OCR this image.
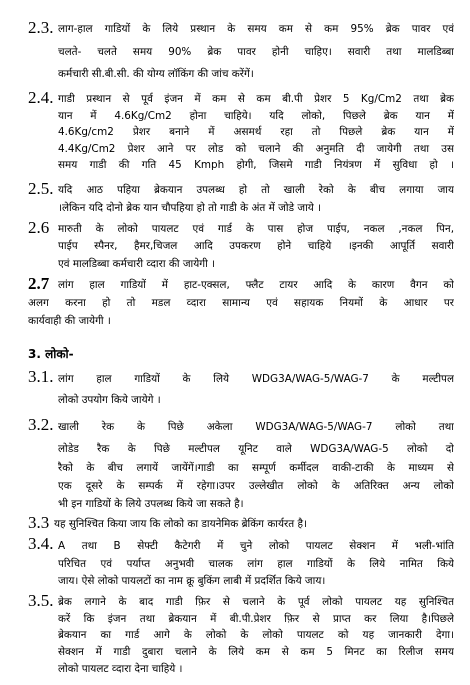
2.3. लाग-हाल गाडियों के लिये प्रस्थान के समय कम से कम 95% ब्रेक पावर एवं
चलते- चलते समय 90% ब्रेक पावर होनी चाहिए। सवारी तथा मालडिब्बा
कर्मचारी सी.बी.सी. की योग्य लॉकिंग की जांच करेंगें।
2.4. गाडी प्रस्थान से पूर्व इंजन में कम से कम बी.पी प्रेशर 5 Kg/Cm2 तथा ब्रेक
यान में 4.6Kg/Cm2 होना चाहिये। यदि लोको, पिछले ब्रेक यान में
4.6Kg/cm2 प्रेशर बनाने में असमर्थ रहा तो पिछले ब्रेक यान में
4.4Kg/Cm2 प्रेशर आने पर लोड को चलाने की अनुमति दी जायेगी तथा उस
समय गाडी की गति 45 Kmph होगी, जिसमे गाडी नियंत्रण में सुविधा हो ।
2.5. यदि आठ पहिया ब्रेकयान उपलब्ध हो तो खाली रेको के बीच लगाया जाय
।लेकिन यदि दोनो ब्रेक यान चौपहिया हो तो गाडी के अंत में जोडे जाये ।
2.6 मारुती के लोको पायलट एवं गार्ड के पास होज पाईप, नकल ,नकल पिन,
पाईप स्पैनर, हैमर,चिजल आदि उपकरण होने चाहिये ।इनकी आपूर्ति सवारी
एवं मालडिब्बा कर्मचारी व्दारा की जायेगी ।
2.7 लांग हाल गाडियों में हाट-एक्सल, फ्लैट टायर आदि के कारण वैगन को
अलग करना हो तो मडल व्दारा सामान्य एवं सहायक नियमों के आधार पर
कार्यवाही की जायेगी ।
3. लोको-
3.1. लांग हाल गाडियों के लिये WDG3A/WAG-5/WAG-7 के मल्टीपल
लोको उपयोग किये जायेगे ।
3.2. खाली रेक के पिछे अकेला WDG3A/WAG-5/WAG-7 लोको तथा
लोडेड रैक के पिछे मल्टीपल यूनिट वाले WDG3A/WAG-5 लोको दो
रैको के बीच लगायें जायेंगें।गाडी का सम्पूर्ण कर्मीदल वाकी-टाकी के माध्यम से
एक दूसरे के सम्पर्क में रहेगा।उपर उल्लेखीत लोको के अतिरिक्त अन्य लोको
भी इन गाडियों के लिये उपलब्ध किये जा सकते है।
3.3 यह सुनिश्चित किया जाय कि लोको का डायनेमिक ब्रेकिंग कार्यरत है।
3.4. A तथा B सेफ्टी कैटेगरी में चुने लोको पायलट सेक्शन में भली-भांति
परिचित एवं पर्याप्त अनुभवी चालक लांग हाल गाडियों के लिये नामित किये
जाय। ऐसे लोको पायलटों का नाम क्रू बुकिंग लाबी में प्रदर्शित किये जाय।
3.5. ब्रेक लगाने के बाद गाडी फ़िर से चलाने के पूर्व लोको पायलट यह सुनिश्चित
करें कि इंजन तथा ब्रेकयान में बी.पी.प्रेशर फ़िर से प्राप्त कर लिया है।पिछले
ब्रेकयान का गार्ड आगे के लोको के लोको पायलट को यह जानकारी देगा।
सेक्शन में गाडी दुबारा चलाने के लिये कम से कम 5 मिनट का रिलीज समय
लोको पायलट व्दारा देना चाहिये ।
